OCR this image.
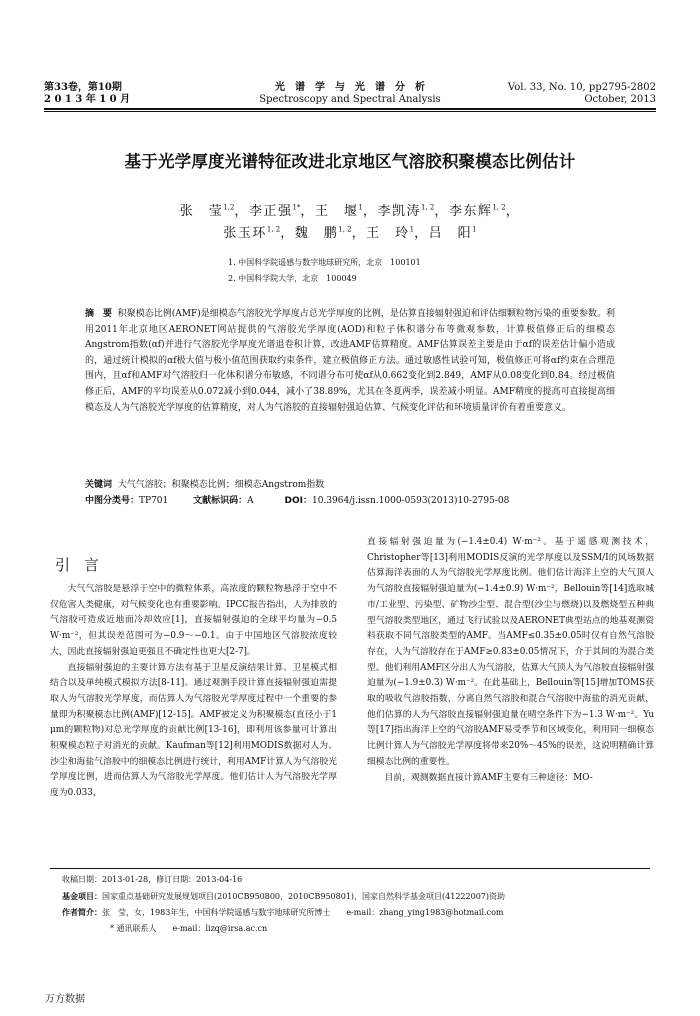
第33卷，第10期
2 0 1 3 年 1 0 月
光　谱　学　与　光　谱　分　析
Spectroscopy and Spectral Analysis
Vol. 33, No. 10, pp2795-2802
October, 2013
基于光学厚度光谱特征改进北京地区气溶胶积聚模态比例估计
张　莹$^{1,2}$，李正强$^{1*}$，王　堰$^1$，李凯涛$^{1, 2}$，李东辉$^{1, 2}$，
张玉环$^{1, 2}$，魏　鹏$^{1, 2}$，王　玲$^1$，吕　阳$^1$
1. 中国科学院遥感与数字地球研究所，北京　100101
2. 中国科学院大学，北京　100049
摘　要 积聚模态比例(AMF)是细模态气溶胶光学厚度占总光学厚度的比例，是估算直接辐射强迫和评估细颗粒物污染的重要参数。利用2011年北京地区AERONET网站提供的气溶胶光学厚度(AOD)和粒子体积谱分布等微观参数，计算极值修正后的细模态Angstrom指数(αf)并进行气溶胶光学厚度光谱退卷积计算，改进AMF估算精度。AMF估算误差主要是由于αf的误差估计偏小造成的，通过统计模拟的αf极大值与极小值范围获取约束条件，建立极值修正方法。通过敏感性试验可知，极值修正可将αf约束在合理范围内，且αf和AMF对气溶胶归一化体积谱分布敏感，不同谱分布可使αf从0.662变化到2.849，AMF从0.08变化到0.84。经过极值修正后，AMF的平均误差从0.072减小到0.044，减小了38.89%，尤其在冬夏两季，误差减小明显。AMF精度的提高可直接提高细模态及人为气溶胶光学厚度的估算精度，对人为气溶胶的直接辐射强迫估算、气候变化评估和环境质量评价有着重要意义。
关键词 大气气溶胶；积聚模态比例；细模态Angstrom指数
中图分类号：TP701	文献标识码：A	DOI：10.3964/j.issn.1000-0593(2013)10-2795-08
引言

大气气溶胶是悬浮于空中的微粒体系，高浓度的颗粒物悬浮于空中不仅危害人类健康，对气候变化也有重要影响。IPCC报告指出，人为排放的气溶胶可造成近地面冷却效应[1]，直接辐射强迫的全球平均量为−0.5 W·m⁻²，但其误差范围可为−0.9～−0.1。由于中国地区气溶胶浓度较大，因此直接辐射强迫更强且不确定性也更大[2-7]。

直接辐射强迫的主要计算方法有基于卫星反演结果计算、卫星模式相结合以及单纯模式模拟方法[8-11]。通过观测手段计算直接辐射强迫需提取人为气溶胶光学厚度，而估算人为气溶胶光学厚度过程中一个重要的参量即为积聚模态比例(AMF)[12-15]。AMF被定义为积聚模态(直径小于1 μm的颗粒物)对总光学厚度的贡献比例[13-16]，即利用该参量可计算出积聚模态粒子对消光的贡献。Kaufman等[12]利用MODIS数据对人为、沙尘和海盐气溶胶中的细模态比例进行统计，利用AMF计算人为气溶胶光学厚度比例，进而估算人为气溶胶光学厚度。他们估计人为气溶胶光学厚度为0.033，

直接辐射强迫量为(−1.4±0.4) W·m⁻²。基于遥感观测技术，Christopher等[13]利用MODIS反演的光学厚度以及SSM/I的风场数据估算海洋表面的人为气溶胶光学厚度比例。他们估计海洋上空的大气顶人为气溶胶直接辐射强迫量为(−1.4±0.9) W·m⁻²，Bellouin等[14]选取城市/工业型、污染型、矿物沙尘型、混合型(沙尘与燃烧)以及燃烧型五种典型气溶胶类型地区，通过飞行试验以及AERONET典型站点的地基观测资料获取不同气溶胶类型的AMF。当AMF≤0.35±0.05时仅有自然气溶胶存在，人为气溶胶存在于AMF≥0.83±0.05情况下，介于其间的为混合类型。他们利用AMF区分出人为气溶胶，估算大气顶人为气溶胶直接辐射强迫量为(−1.9±0.3) W·m⁻²。在此基础上，Bellouin等[15]增加TOMS获取的吸收气溶胶指数，分离自然气溶胶和混合气溶胶中海盐的消光贡献，他们估算的人为气溶胶直接辐射强迫量在晴空条件下为−1.3 W·m⁻²。Yu等[17]指出海洋上空的气溶胶AMF易受季节和区域变化，利用同一细模态比例计算人为气溶胶光学厚度将带来20%～45%的误差，这说明精确计算细模态比例的重要性。

目前，观测数据直接计算AMF主要有三种途径：MO-

收稿日期：2013-01-28，修订日期：2013-04-16
基金项目：国家重点基础研究发展规划项目(2010CB950800，2010CB950801)，国家自然科学基金项目(41222007)资助
作者简介：张　莹，女，1983年生，中国科学院遥感与数字地球研究所博士　　e-mail：zhang_ying1983@hotmail.com
* 通讯联系人　　e-mail：lizq@irsa.ac.cn
万方数据
